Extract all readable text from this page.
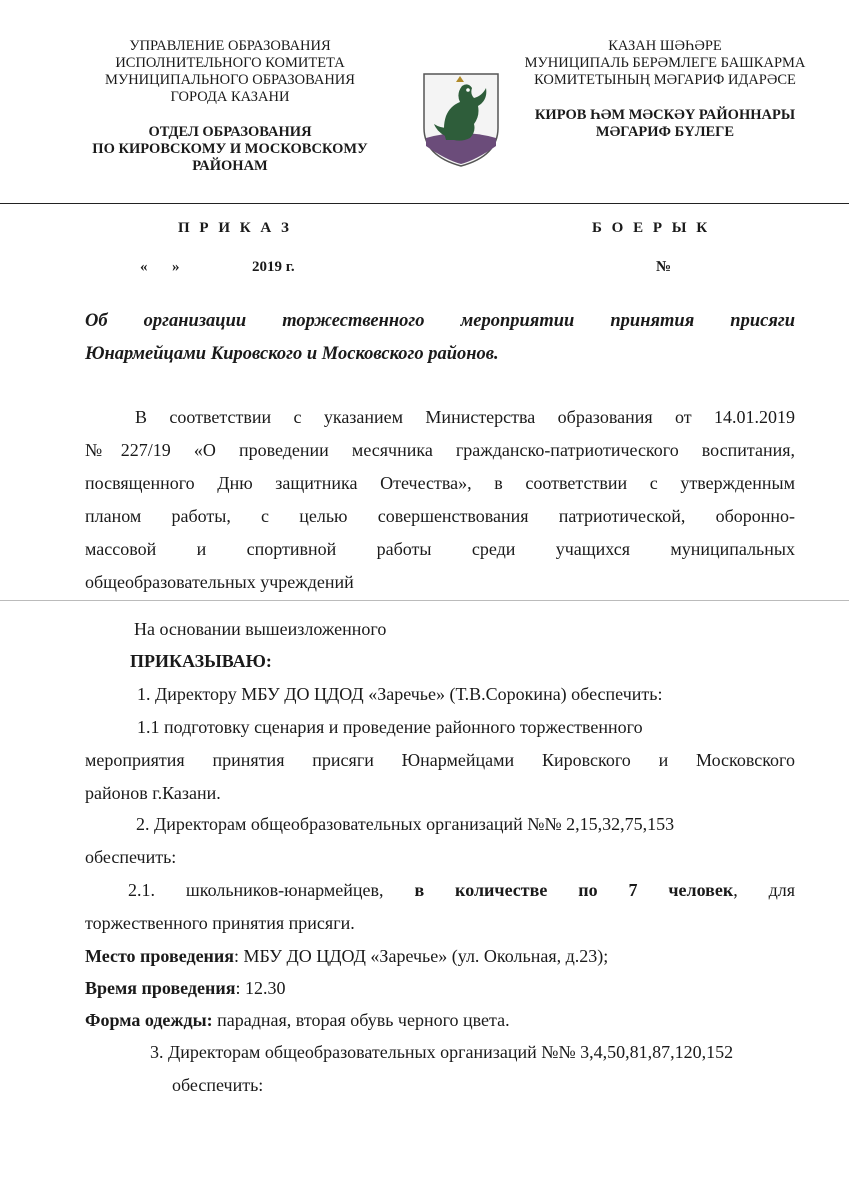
УПРАВЛЕНИЕ ОБРАЗОВАНИЯ
ИСПОЛНИТЕЛЬНОГО КОМИТЕТА
МУНИЦИПАЛЬНОГО ОБРАЗОВАНИЯ
ГОРОДА КАЗАНИ
ОТДЕЛ ОБРАЗОВАНИЯ
ПО КИРОВСКОМУ И МОСКОВСКОМУ
РАЙОНАМ
КАЗАН ШӘҺӘРЕ
МУНИЦИПАЛЬ БЕРӘМЛЕГЕ БАШКАРМА
КОМИТЕТЫНЫҢ МӘГАРИФ ИДАРӘСЕ
КИРОВ ҺӘМ МӘСКӘҮ РАЙОННАРЫ
МӘГАРИФ БҮЛЕГЕ
П Р И К А З	Б О Е Р Ы К
« »	2019 г.	№
Об организации торжественного мероприятии принятия присяги
Юнармейцами Кировского и Московского районов.
В соответствии с указанием Министерства образования от 14.01.2019
№227/19 «О проведении месячника гражданско-патриотического воспитания,
посвященного Дню защитника Отечества», в соответствии с утвержденным
планом работы, с целью совершенствования патриотической, оборонно-
массовой и спортивной работы среди учащихся муниципальных
общеобразовательных учреждений
На основании вышеизложенного
ПРИКАЗЫВАЮ:
1. Директору МБУ ДО ЦДОД «Заречье» (Т.В.Сорокина) обеспечить:
1.1 подготовку сценария и проведение районного торжественного
мероприятия принятия присяги Юнармейцами Кировского и Московского
районов г.Казани.
2. Директорам общеобразовательных организаций №№ 2,15,32,75,153
обеспечить:
2.1. школьников-юнармейцев, в количестве по 7 человек, для
торжественного принятия присяги.
Место проведения: МБУ ДО ЦДОД «Заречье» (ул. Окольная, д.23);
Время проведения: 12.30
Форма одежды: парадная, вторая обувь черного цвета.
3. Директорам общеобразовательных организаций №№ 3,4,50,81,87,120,152
обеспечить:
